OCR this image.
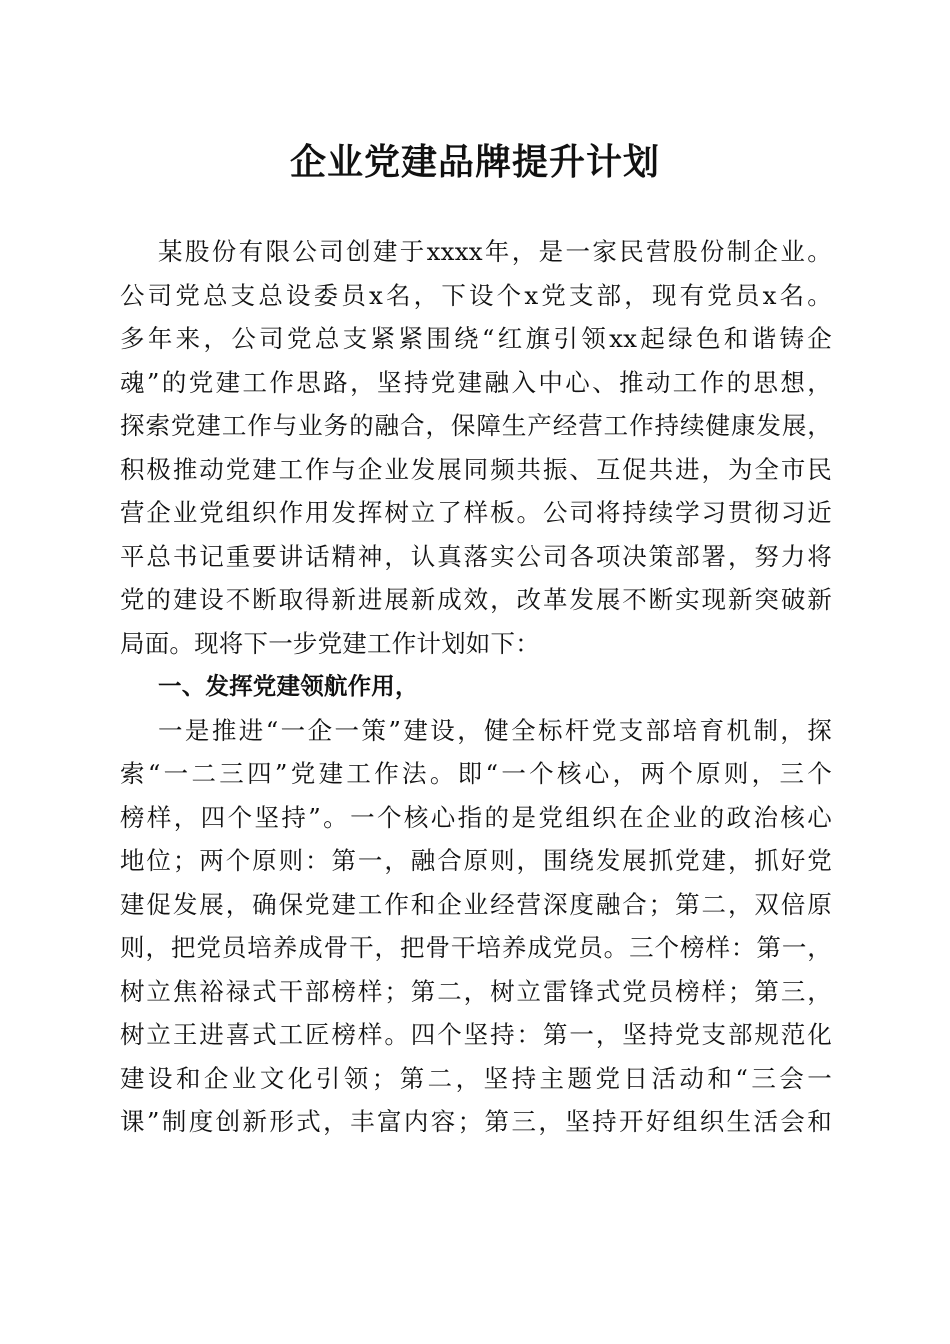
企业党建品牌提升计划
某股份有限公司创建于xxxx年，是一家民营股份制企业。
公司党总支总设委员x名，下设个x党支部，现有党员x名。
多年来，公司党总支紧紧围绕“红旗引领xx起绿色和谐铸企
魂”的党建工作思路，坚持党建融入中心、推动工作的思想，
探索党建工作与业务的融合，保障生产经营工作持续健康发展，
积极推动党建工作与企业发展同频共振、互促共进，为全市民
营企业党组织作用发挥树立了样板。公司将持续学习贯彻习近
平总书记重要讲话精神，认真落实公司各项决策部署，努力将
党的建设不断取得新进展新成效，改革发展不断实现新突破新
局面。现将下一步党建工作计划如下：
一、发挥党建领航作用，
一是推进“一企一策”建设，健全标杆党支部培育机制，探
索“一二三四”党建工作法。即“一个核心，两个原则，三个
榜样，四个坚持”。一个核心指的是党组织在企业的政治核心
地位；两个原则：第一，融合原则，围绕发展抓党建，抓好党
建促发展，确保党建工作和企业经营深度融合；第二，双倍原
则，把党员培养成骨干，把骨干培养成党员。三个榜样：第一，
树立焦裕禄式干部榜样；第二，树立雷锋式党员榜样；第三，
树立王进喜式工匠榜样。四个坚持：第一，坚持党支部规范化
建设和企业文化引领；第二，坚持主题党日活动和“三会一
课”制度创新形式，丰富内容；第三，坚持开好组织生活会和
